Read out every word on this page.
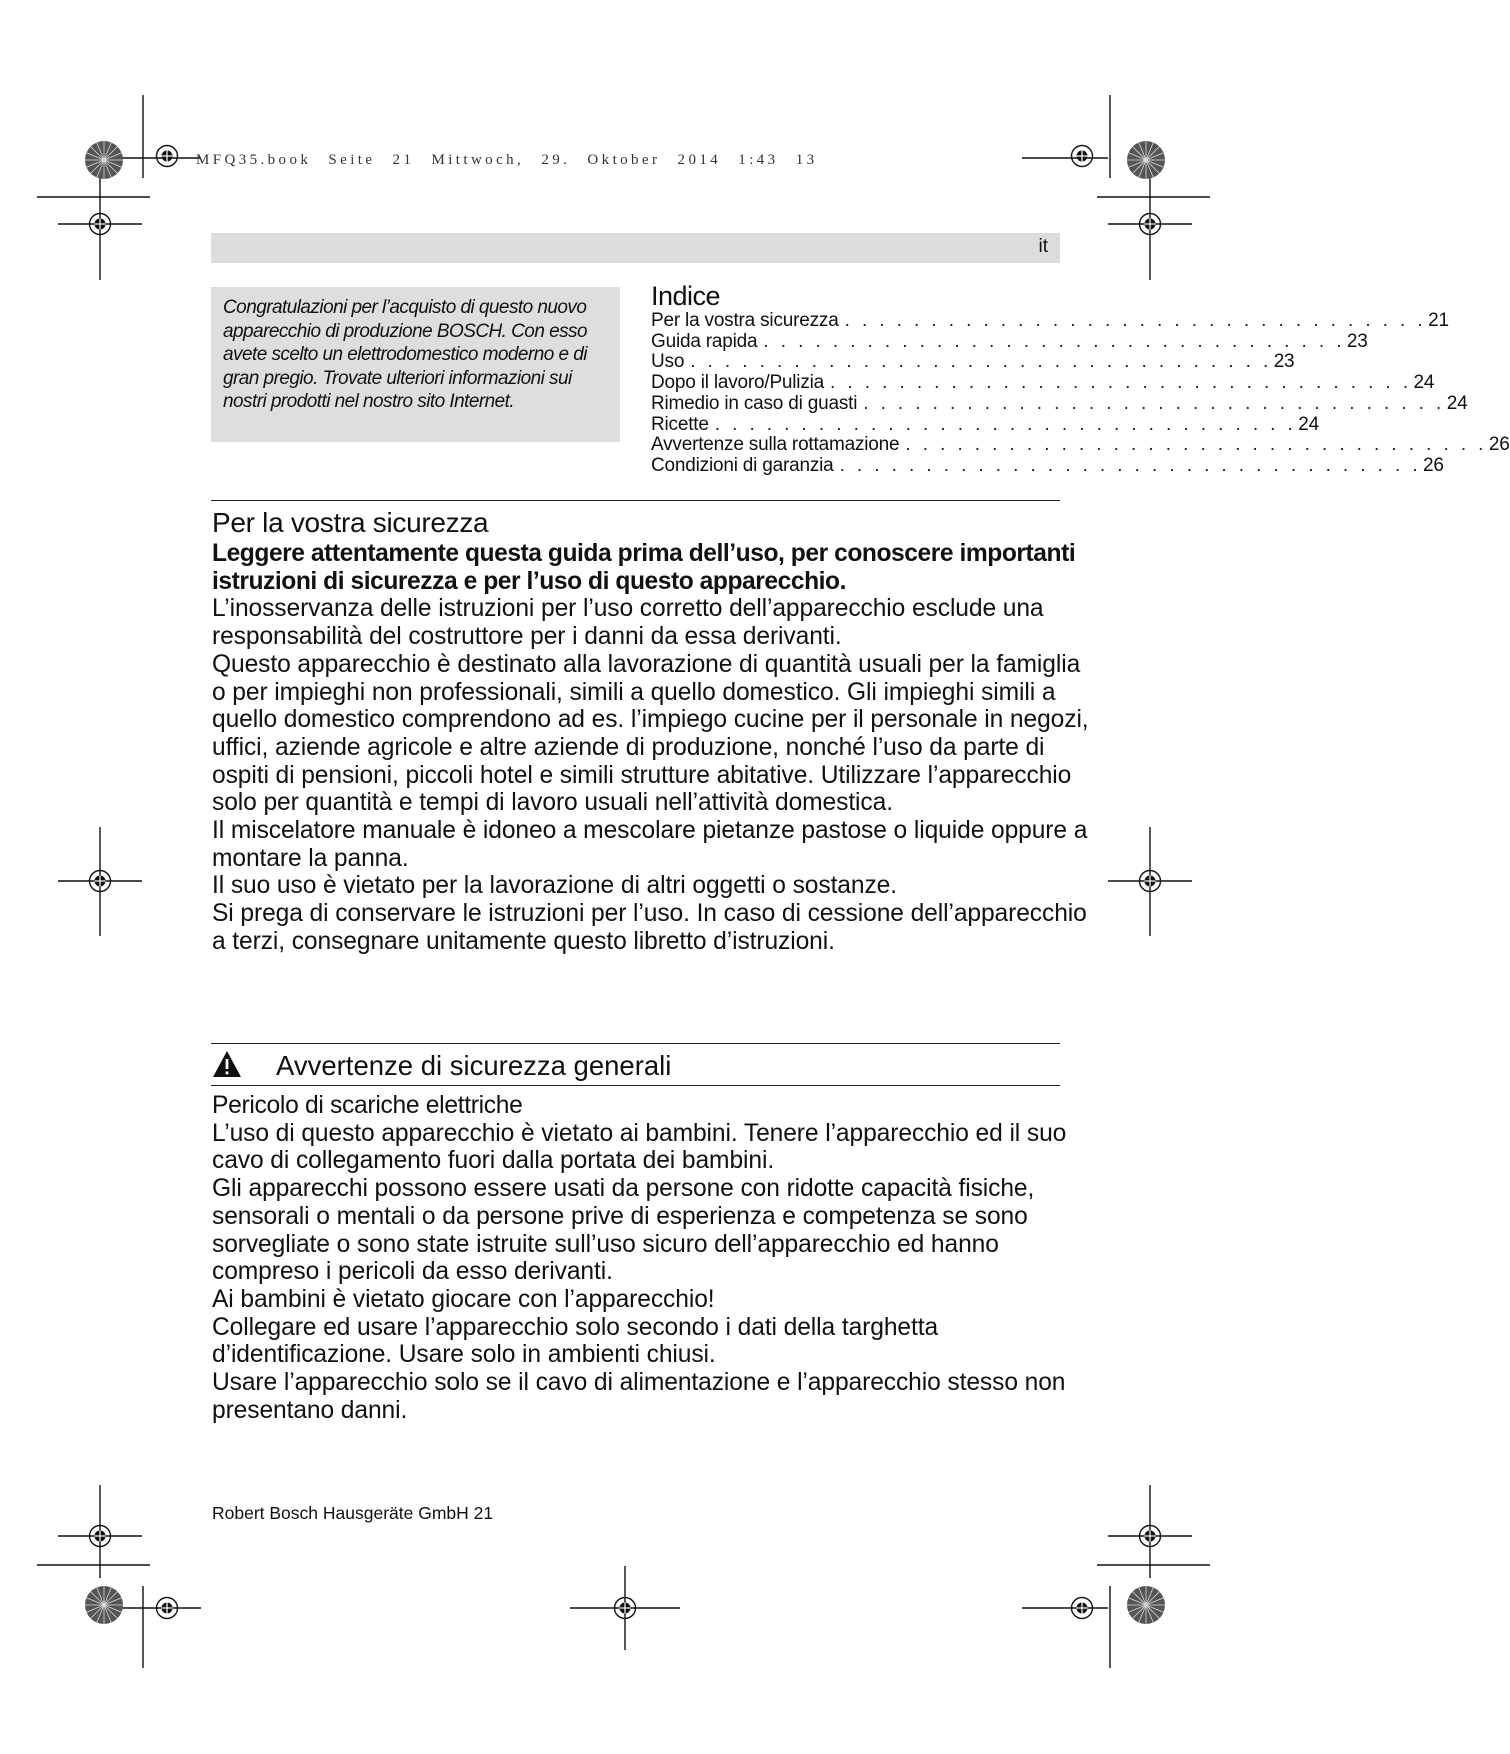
MFQ35.book Seite 21 Mittwoch, 29. Oktober 2014 1:43 13
it
Congratulazioni per l’acquisto di questo nuovo apparecchio di produzione BOSCH. Con esso avete scelto un elettrodomestico moderno e di gran pregio. Trovate ulteriori informazioni sui nostri prodotti nel nostro sito Internet.
Indice
Per la vostra sicurezza . . . . . . . . . . . . . . . . . . . . . . . . . . . . . . . . . . 21
Guida rapida . . . . . . . . . . . . . . . . . . . . . . . . . . . . . . . . . . 23
Uso . . . . . . . . . . . . . . . . . . . . . . . . . . . . . . . . . . 23
Dopo il lavoro/Pulizia . . . . . . . . . . . . . . . . . . . . . . . . . . . . . . . . . . 24
Rimedio in caso di guasti . . . . . . . . . . . . . . . . . . . . . . . . . . . . . . . . . . 24
Ricette . . . . . . . . . . . . . . . . . . . . . . . . . . . . . . . . . . 24
Avvertenze sulla rottamazione . . . . . . . . . . . . . . . . . . . . . . . . . . . . . . . . . . 26
Condizioni di garanzia . . . . . . . . . . . . . . . . . . . . . . . . . . . . . . . . . . 26
Per la vostra sicurezza

Leggere attentamente questa guida prima dell’uso, per conoscere importanti istruzioni di sicurezza e per l’uso di questo apparecchio.

L’inosservanza delle istruzioni per l’uso corretto dell’apparecchio esclude una responsabilità del costruttore per i danni da essa derivanti.

Questo apparecchio è destinato alla lavorazione di quantità usuali per la famiglia o per impieghi non professionali, simili a quello domestico. Gli impieghi simili a quello domestico comprendono ad es. l’impiego cucine per il personale in negozi, uffici, aziende agricole e altre aziende di produzione, nonché l’uso da parte di ospiti di pensioni, piccoli hotel e simili strutture abitative. Utilizzare l’apparecchio solo per quantità e tempi di lavoro usuali nell’attività domestica.

Il miscelatore manuale è idoneo a mescolare pietanze pastose o liquide oppure a montare la panna.

Il suo uso è vietato per la lavorazione di altri oggetti o sostanze.

Si prega di conservare le istruzioni per l’uso. In caso di cessione dell’apparecchio a terzi, consegnare unitamente questo libretto d’istruzioni.

Avvertenze di sicurezza generali

Pericolo di scariche elettriche

L’uso di questo apparecchio è vietato ai bambini. Tenere l’apparecchio ed il suo cavo di collegamento fuori dalla portata dei bambini.

Gli apparecchi possono essere usati da persone con ridotte capacità fisiche, sensorali o mentali o da persone prive di esperienza e competenza se sono sorvegliate o sono state istruite sull’uso sicuro dell’apparecchio ed hanno compreso i pericoli da esso derivanti.

Ai bambini è vietato giocare con l’apparecchio!

Collegare ed usare l’apparecchio solo secondo i dati della targhetta d’identificazione. Usare solo in ambienti chiusi.

Usare l’apparecchio solo se il cavo di alimentazione e l’apparecchio stesso non presentano danni.

Robert Bosch Hausgeräte GmbH 21
